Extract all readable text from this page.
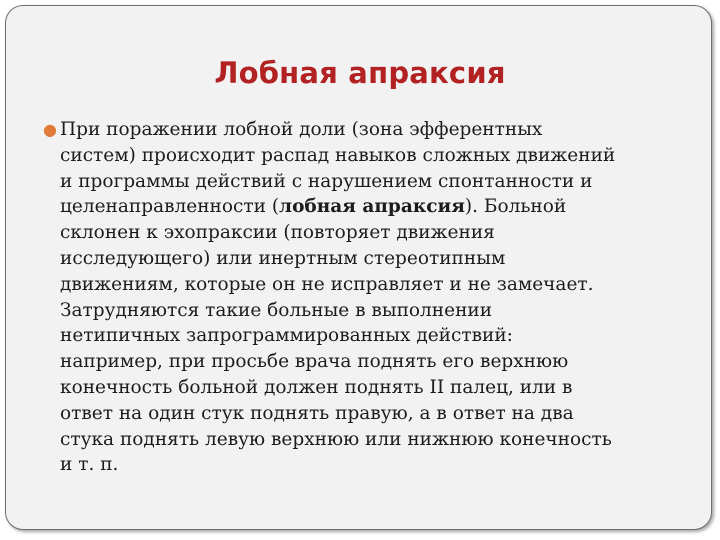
Лобная апраксия
● При поражении лобной доли (зона эфферентных
систем) происходит распад навыков сложных движений
и программы действий с нарушением спонтанности и
целенаправленности (лобная апраксия). Больной
склонен к эхопраксии (повторяет движения
исследующего) или инертным стереотипным
движениям, которые он не исправляет и не замечает.
Затрудняются такие больные в выполнении
нетипичных запрограммированных действий:
например, при просьбе врача поднять его верхнюю
конечность больной должен поднять II палец, или в
ответ на один стук поднять правую, а в ответ на два
стука поднять левую верхнюю или нижнюю конечность
и т. п.
